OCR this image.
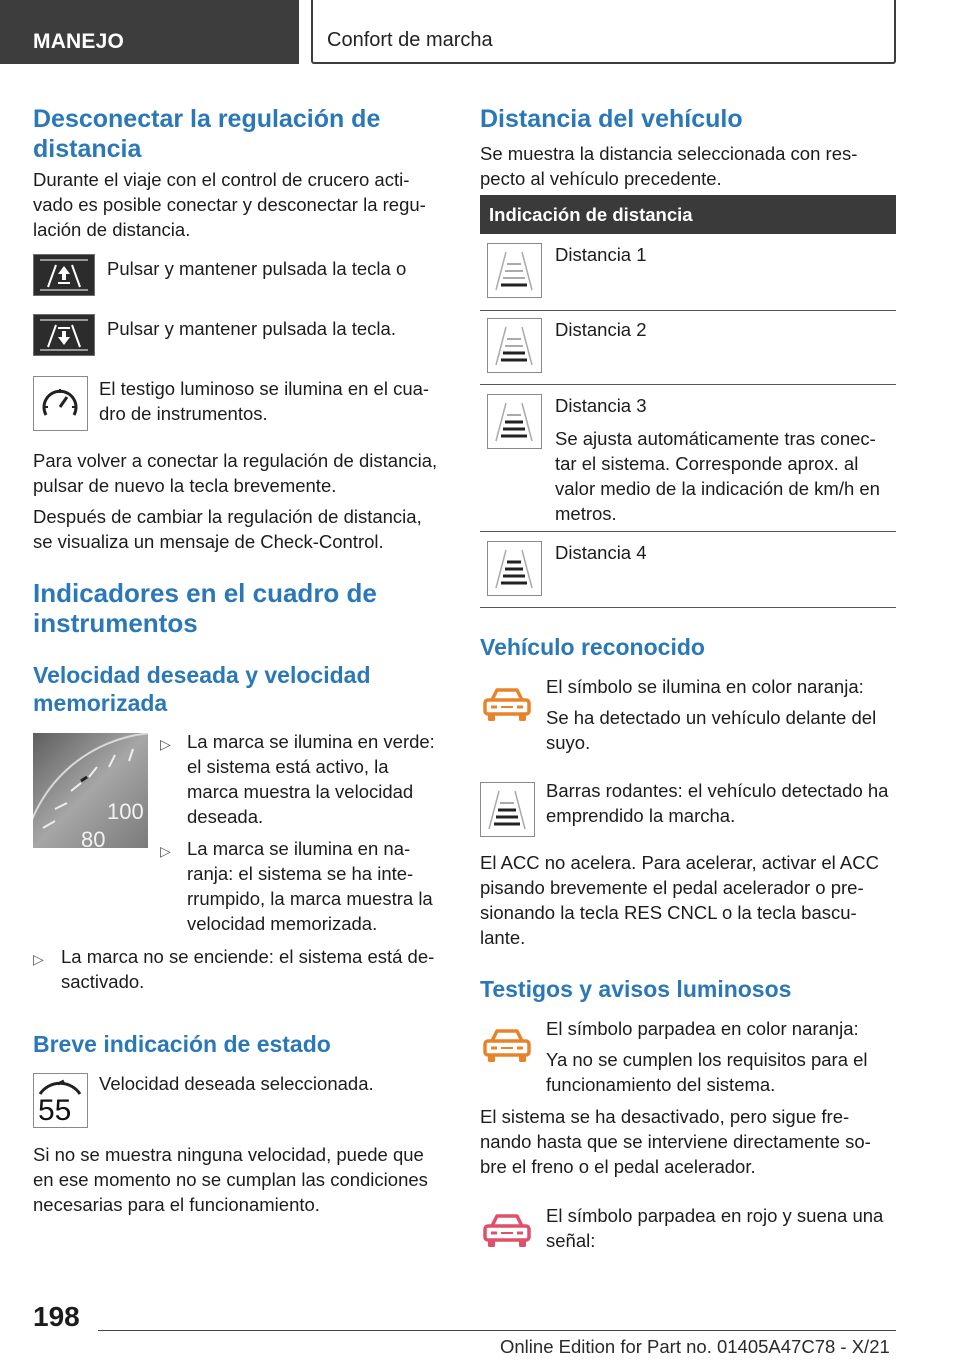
MANEJO	Confort de marcha
Desconectar la regulación de distancia
Durante el viaje con el control de crucero acti-vado es posible conectar y desconectar la regu-lación de distancia.
Pulsar y mantener pulsada la tecla o
Pulsar y mantener pulsada la tecla.
El testigo luminoso se ilumina en el cua-dro de instrumentos.
Para volver a conectar la regulación de distancia, pulsar de nuevo la tecla brevemente.
Después de cambiar la regulación de distancia, se visualiza un mensaje de Check-Control.
Indicadores en el cuadro de instrumentos
Velocidad deseada y velocidad memorizada
100
80
▷ La marca se ilumina en verde: el sistema está activo, la marca muestra la velocidad deseada.
▷ La marca se ilumina en na-ranja: el sistema se ha inte-rrumpido, la marca muestra la velocidad memorizada.
▷ La marca no se enciende: el sistema está de-sactivado.
Breve indicación de estado
55
Velocidad deseada seleccionada.
Si no se muestra ninguna velocidad, puede que en ese momento no se cumplan las condiciones necesarias para el funcionamiento.
Distancia del vehículo
Se muestra la distancia seleccionada con res-pecto al vehículo precedente.
Indicación de distancia
Distancia 1
Distancia 2
Distancia 3
Se ajusta automáticamente tras conec-tar el sistema. Corresponde aprox. al valor medio de la indicación de km/h en metros.
Distancia 4
Vehículo reconocido
El símbolo se ilumina en color naranja:
Se ha detectado un vehículo delante del suyo.
Barras rodantes: el vehículo detectado ha emprendido la marcha.
El ACC no acelera. Para acelerar, activar el ACC pisando brevemente el pedal acelerador o pre-sionando la tecla RES CNCL o la tecla bascu-lante.
Testigos y avisos luminosos
El símbolo parpadea en color naranja:
Ya no se cumplen los requisitos para el funcionamiento del sistema.
El sistema se ha desactivado, pero sigue fre-nando hasta que se interviene directamente so-bre el freno o el pedal acelerador.
El símbolo parpadea en rojo y suena una señal:
198
Online Edition for Part no. 01405A47C78 - X/21
